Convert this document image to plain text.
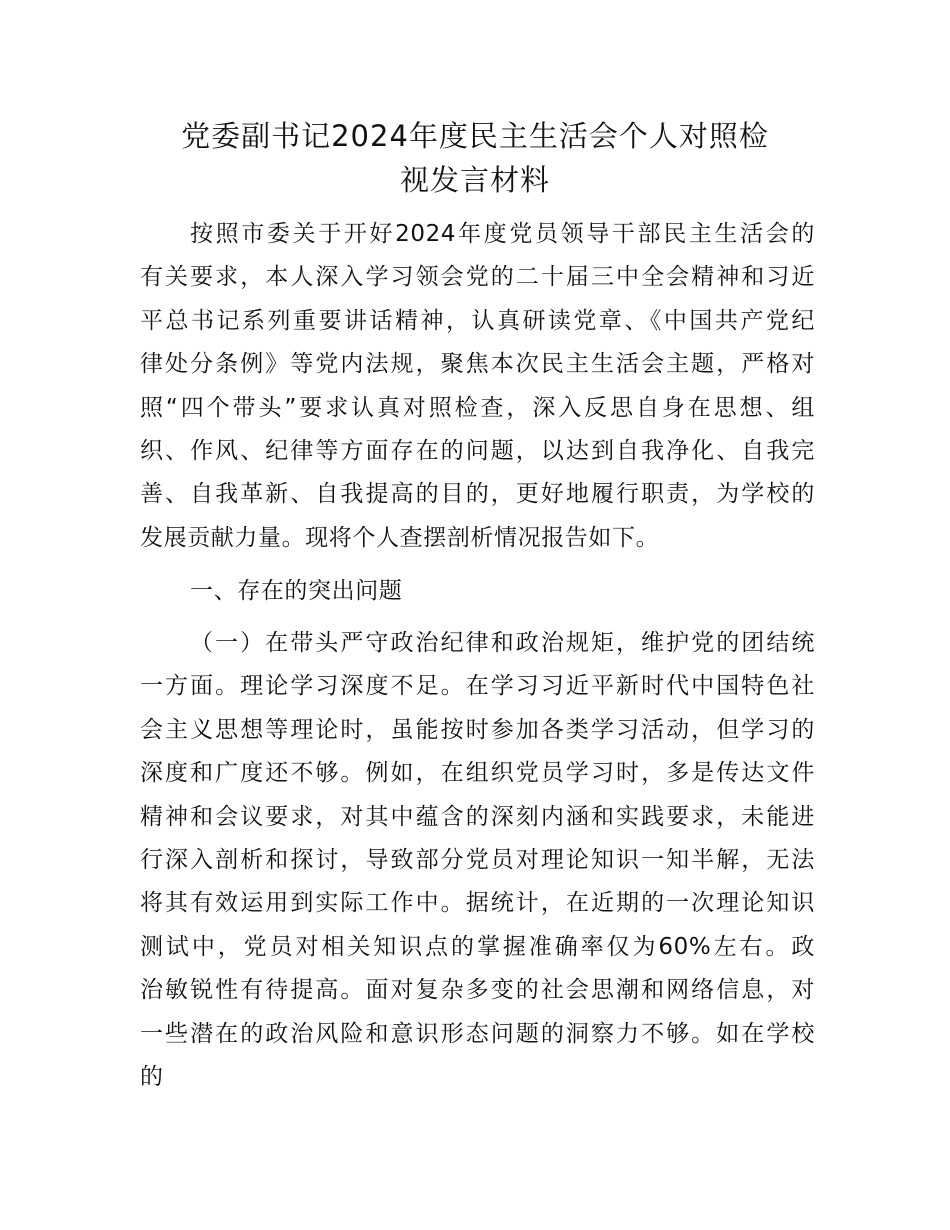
党委副书记2024年度民主生活会个人对照检
视发言材料
按照市委关于开好2024年度党员领导干部民主生活会的
有关要求，本人深入学习领会党的二十届三中全会精神和习近
平总书记系列重要讲话精神，认真研读党章、《中国共产党纪
律处分条例》等党内法规，聚焦本次民主生活会主题，严格对
照“四个带头”要求认真对照检查，深入反思自身在思想、组
织、作风、纪律等方面存在的问题，以达到自我净化、自我完
善、自我革新、自我提高的目的，更好地履行职责，为学校的
发展贡献力量。现将个人查摆剖析情况报告如下。
一、存在的突出问题
（一）在带头严守政治纪律和政治规矩，维护党的团结统
一方面。理论学习深度不足。在学习习近平新时代中国特色社
会主义思想等理论时，虽能按时参加各类学习活动，但学习的
深度和广度还不够。例如，在组织党员学习时，多是传达文件
精神和会议要求，对其中蕴含的深刻内涵和实践要求，未能进
行深入剖析和探讨，导致部分党员对理论知识一知半解，无法
将其有效运用到实际工作中。据统计，在近期的一次理论知识
测试中，党员对相关知识点的掌握准确率仅为60%左右。政
治敏锐性有待提高。面对复杂多变的社会思潮和网络信息，对
一些潜在的政治风险和意识形态问题的洞察力不够。如在学校
的
